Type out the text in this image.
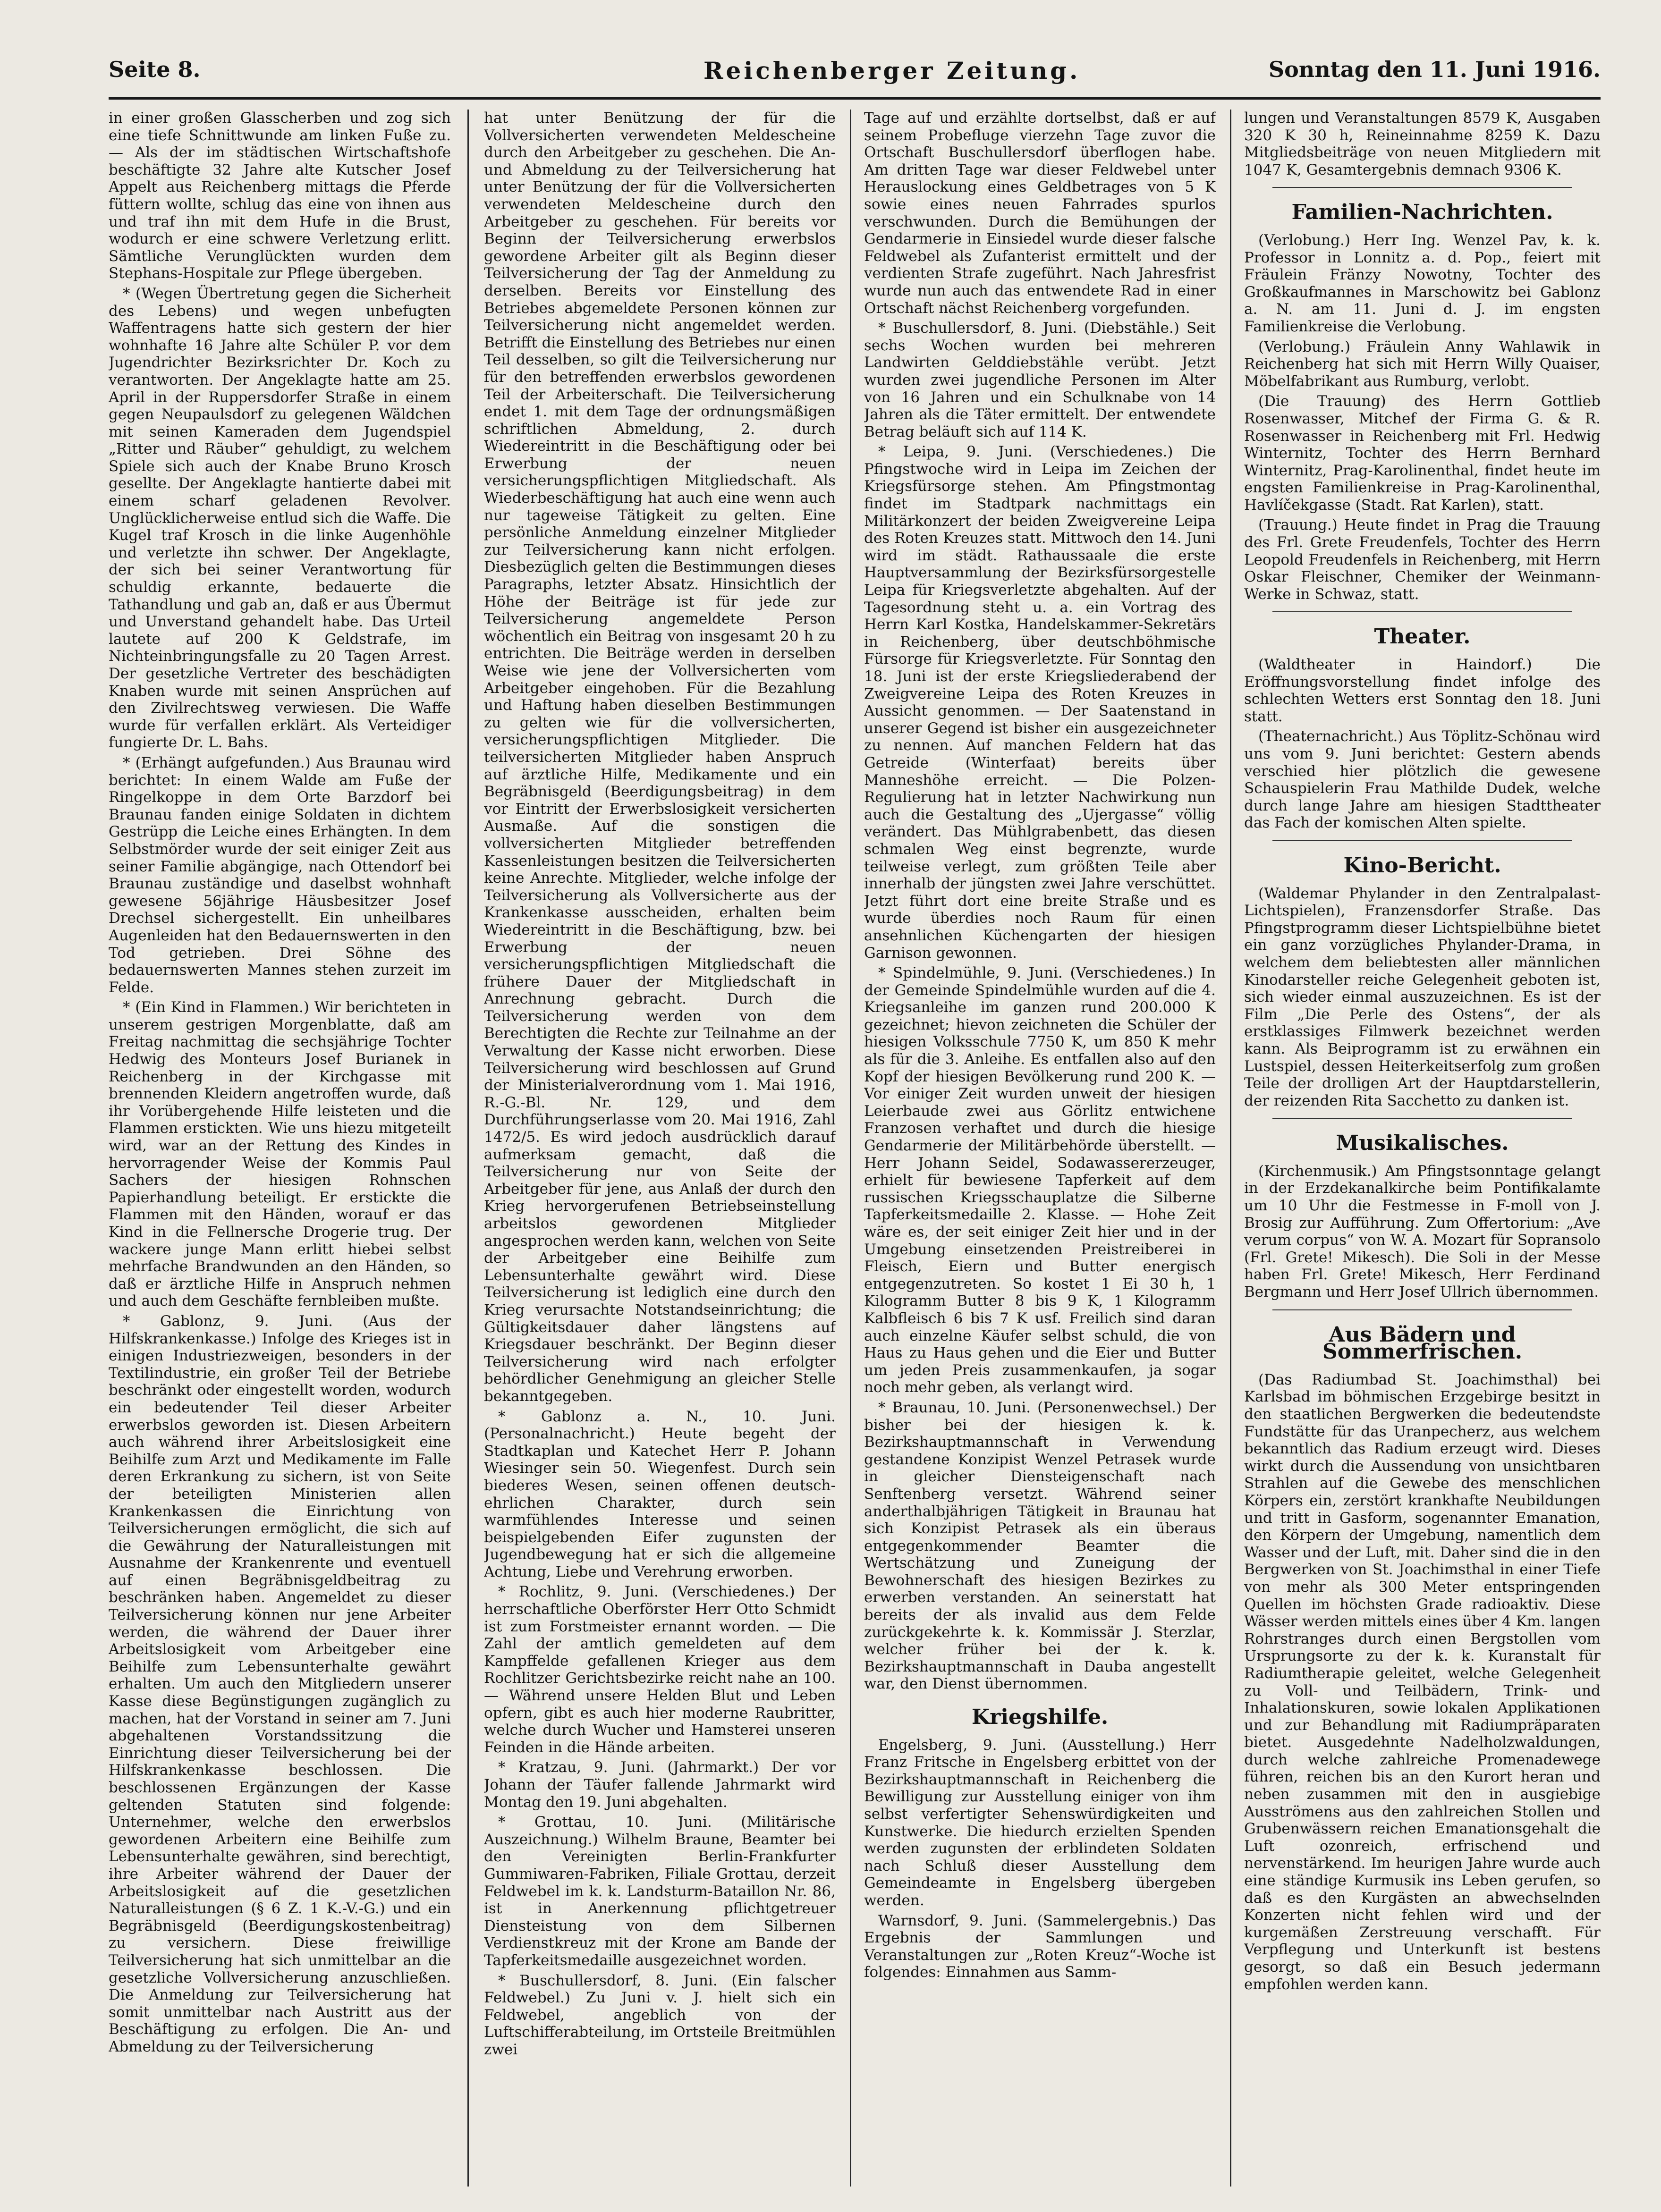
Seite 8.	Reichenberger Zeitung.	Sonntag den 11. Juni 1916.

in einer großen Glasscherben und zog sich eine tiefe Schnittwunde am linken Fuße zu. — Als der im städtischen Wirtschaftshofe beschäftigte 32 Jahre alte Kutscher Josef Appelt aus Reichenberg mittags die Pferde füttern wollte, schlug das eine von ihnen aus und traf ihn mit dem Hufe in die Brust, wodurch er eine schwere Verletzung erlitt. Sämtliche Verunglückten wurden dem Stephans-Hospitale zur Pflege übergeben.

* (Wegen Übertretung gegen die Sicherheit des Lebens) und wegen unbefugten Waffentragens hatte sich gestern der hier wohnhafte 16 Jahre alte Schüler P. vor dem Jugendrichter Bezirksrichter Dr. Koch zu verantworten. Der Angeklagte hatte am 25. April in der Ruppersdorfer Straße in einem gegen Neupaulsdorf zu gelegenen Wäldchen mit seinen Kameraden dem Jugendspiel „Ritter und Räuber“ gehuldigt, zu welchem Spiele sich auch der Knabe Bruno Krosch gesellte. Der Angeklagte hantierte dabei mit einem scharf geladenen Revolver. Unglücklicherweise entlud sich die Waffe. Die Kugel traf Krosch in die linke Augenhöhle und verletzte ihn schwer. Der Angeklagte, der sich bei seiner Verantwortung für schuldig erkannte, bedauerte die Tathandlung und gab an, daß er aus Übermut und Unverstand gehandelt habe. Das Urteil lautete auf 200 K Geldstrafe, im Nichteinbringungsfalle zu 20 Tagen Arrest. Der gesetzliche Vertreter des beschädigten Knaben wurde mit seinen Ansprüchen auf den Zivilrechtsweg verwiesen. Die Waffe wurde für verfallen erklärt. Als Verteidiger fungierte Dr. L. Bahs.

* (Erhängt aufgefunden.) Aus Braunau wird berichtet: In einem Walde am Fuße der Ringelkoppe in dem Orte Barzdorf bei Braunau fanden einige Soldaten in dichtem Gestrüpp die Leiche eines Erhängten. In dem Selbstmörder wurde der seit einiger Zeit aus seiner Familie abgängige, nach Ottendorf bei Braunau zuständige und daselbst wohnhaft gewesene 56jährige Häusbesitzer Josef Drechsel sichergestellt. Ein unheilbares Augenleiden hat den Bedauernswerten in den Tod getrieben. Drei Söhne des bedauernswerten Mannes stehen zurzeit im Felde.

* (Ein Kind in Flammen.) Wir berichteten in unserem gestrigen Morgenblatte, daß am Freitag nachmittag die sechsjährige Tochter Hedwig des Monteurs Josef Burianek in Reichenberg in der Kirchgasse mit brennenden Kleidern angetroffen wurde, daß ihr Vorübergehende Hilfe leisteten und die Flammen erstickten. Wie uns hiezu mitgeteilt wird, war an der Rettung des Kindes in hervorragender Weise der Kommis Paul Sachers der hiesigen Rohnschen Papierhandlung beteiligt. Er erstickte die Flammen mit den Händen, worauf er das Kind in die Fellnersche Drogerie trug. Der wackere junge Mann erlitt hiebei selbst mehrfache Brandwunden an den Händen, so daß er ärztliche Hilfe in Anspruch nehmen und auch dem Geschäfte fernbleiben mußte.

* Gablonz, 9. Juni. (Aus der Hilfskrankenkasse.) Infolge des Krieges ist in einigen Industriezweigen, besonders in der Textilindustrie, ein großer Teil der Betriebe beschränkt oder eingestellt worden, wodurch ein bedeutender Teil dieser Arbeiter erwerbslos geworden ist. Diesen Arbeitern auch während ihrer Arbeitslosigkeit eine Beihilfe zum Arzt und Medikamente im Falle deren Erkrankung zu sichern, ist von Seite der beteiligten Ministerien allen Krankenkassen die Einrichtung von Teilversicherungen ermöglicht, die sich auf die Gewährung der Naturalleistungen mit Ausnahme der Krankenrente und eventuell auf einen Begräbnisgeldbeitrag zu beschränken haben. Angemeldet zu dieser Teilversicherung können nur jene Arbeiter werden, die während der Dauer ihrer Arbeitslosigkeit vom Arbeitgeber eine Beihilfe zum Lebensunterhalte gewährt erhalten. Um auch den Mitgliedern unserer Kasse diese Begünstigungen zugänglich zu machen, hat der Vorstand in seiner am 7. Juni abgehaltenen Vorstandssitzung die Einrichtung dieser Teilversicherung bei der Hilfskrankenkasse beschlossen. Die beschlossenen Ergänzungen der Kasse geltenden Statuten sind folgende: Unternehmer, welche den erwerbslos gewordenen Arbeitern eine Beihilfe zum Lebensunterhalte gewähren, sind berechtigt, ihre Arbeiter während der Dauer der Arbeitslosigkeit auf die gesetzlichen Naturalleistungen (§ 6 Z. 1 K.-V.-G.) und ein Begräbnisgeld (Beerdigungskostenbeitrag) zu versichern. Diese freiwillige Teilversicherung hat sich unmittelbar an die gesetzliche Vollversicherung anzuschließen. Die Anmeldung zur Teilversicherung hat somit unmittelbar nach Austritt aus der Beschäftigung zu erfolgen. Die An- und Abmeldung zu der Teilversicherung

hat unter Benützung der für die Vollversicherten verwendeten Meldescheine durch den Arbeitgeber zu geschehen. Die An- und Abmeldung zu der Teilversicherung hat unter Benützung der für die Vollversicherten verwendeten Meldescheine durch den Arbeitgeber zu geschehen. Für bereits vor Beginn der Teilversicherung erwerbslos gewordene Arbeiter gilt als Beginn dieser Teilversicherung der Tag der Anmeldung zu derselben. Bereits vor Einstellung des Betriebes abgemeldete Personen können zur Teilversicherung nicht angemeldet werden. Betrifft die Einstellung des Betriebes nur einen Teil desselben, so gilt die Teilversicherung nur für den betreffenden erwerbslos gewordenen Teil der Arbeiterschaft. Die Teilversicherung endet 1. mit dem Tage der ordnungsmäßigen schriftlichen Abmeldung, 2. durch Wiedereintritt in die Beschäftigung oder bei Erwerbung der neuen versicherungspflichtigen Mitgliedschaft. Als Wiederbeschäftigung hat auch eine wenn auch nur tageweise Tätigkeit zu gelten. Eine persönliche Anmeldung einzelner Mitglieder zur Teilversicherung kann nicht erfolgen. Diesbezüglich gelten die Bestimmungen dieses Paragraphs, letzter Absatz. Hinsichtlich der Höhe der Beiträge ist für jede zur Teilversicherung angemeldete Person wöchentlich ein Beitrag von insgesamt 20 h zu entrichten. Die Beiträge werden in derselben Weise wie jene der Vollversicherten vom Arbeitgeber eingehoben. Für die Bezahlung und Haftung haben dieselben Bestimmungen zu gelten wie für die vollversicherten, versicherungspflichtigen Mitglieder. Die teilversicherten Mitglieder haben Anspruch auf ärztliche Hilfe, Medikamente und ein Begräbnisgeld (Beerdigungsbeitrag) in dem vor Eintritt der Erwerbslosigkeit versicherten Ausmaße. Auf die sonstigen die vollversicherten Mitglieder betreffenden Kassenleistungen besitzen die Teilversicherten keine Anrechte. Mitglieder, welche infolge der Teilversicherung als Vollversicherte aus der Krankenkasse ausscheiden, erhalten beim Wiedereintritt in die Beschäftigung, bzw. bei Erwerbung der neuen versicherungspflichtigen Mitgliedschaft die frühere Dauer der Mitgliedschaft in Anrechnung gebracht. Durch die Teilversicherung werden von dem Berechtigten die Rechte zur Teilnahme an der Verwaltung der Kasse nicht erworben. Diese Teilversicherung wird beschlossen auf Grund der Ministerialverordnung vom 1. Mai 1916, R.-G.-Bl. Nr. 129, und dem Durchführungserlasse vom 20. Mai 1916, Zahl 1472/5. Es wird jedoch ausdrücklich darauf aufmerksam gemacht, daß die Teilversicherung nur von Seite der Arbeitgeber für jene, aus Anlaß der durch den Krieg hervorgerufenen Betriebseinstellung arbeitslos gewordenen Mitglieder angesprochen werden kann, welchen von Seite der Arbeitgeber eine Beihilfe zum Lebensunterhalte gewährt wird. Diese Teilversicherung ist lediglich eine durch den Krieg verursachte Notstandseinrichtung; die Gültigkeitsdauer daher längstens auf Kriegsdauer beschränkt. Der Beginn dieser Teilversicherung wird nach erfolgter behördlicher Genehmigung an gleicher Stelle bekanntgegeben.

* Gablonz a. N., 10. Juni. (Personalnachricht.) Heute begeht der Stadtkaplan und Katechet Herr P. Johann Wiesinger sein 50. Wiegenfest. Durch sein biederes Wesen, seinen offenen deutsch-ehrlichen Charakter, durch sein warmfühlendes Interesse und seinen beispielgebenden Eifer zugunsten der Jugendbewegung hat er sich die allgemeine Achtung, Liebe und Verehrung erworben.

* Rochlitz, 9. Juni. (Verschiedenes.) Der herrschaftliche Oberförster Herr Otto Schmidt ist zum Forstmeister ernannt worden. — Die Zahl der amtlich gemeldeten auf dem Kampffelde gefallenen Krieger aus dem Rochlitzer Gerichtsbezirke reicht nahe an 100. — Während unsere Helden Blut und Leben opfern, gibt es auch hier moderne Raubritter, welche durch Wucher und Hamsterei unseren Feinden in die Hände arbeiten.

* Kratzau, 9. Juni. (Jahrmarkt.) Der vor Johann der Täufer fallende Jahrmarkt wird Montag den 19. Juni abgehalten.

* Grottau, 10. Juni. (Militärische Auszeichnung.) Wilhelm Braune, Beamter bei den Vereinigten Berlin-Frankfurter Gummiwaren-Fabriken, Filiale Grottau, derzeit Feldwebel im k. k. Landsturm-Bataillon Nr. 86, ist in Anerkennung pflichtgetreuer Diensteistung von dem Silbernen Verdienstkreuz mit der Krone am Bande der Tapferkeitsmedaille ausgezeichnet worden.

* Buschullersdorf, 8. Juni. (Ein falscher Feldwebel.) Zu Juni v. J. hielt sich ein Feldwebel, angeblich von der Luftschifferabteilung, im Ortsteile Breitmühlen zwei

Tage auf und erzählte dortselbst, daß er auf seinem Probefluge vierzehn Tage zuvor die Ortschaft Buschullersdorf überflogen habe. Am dritten Tage war dieser Feldwebel unter Herauslockung eines Geldbetrages von 5 K sowie eines neuen Fahrrades spurlos verschwunden. Durch die Bemühungen der Gendarmerie in Einsiedel wurde dieser falsche Feldwebel als Zufanterist ermittelt und der verdienten Strafe zugeführt. Nach Jahresfrist wurde nun auch das entwendete Rad in einer Ortschaft nächst Reichenberg vorgefunden.

* Buschullersdorf, 8. Juni. (Diebstähle.) Seit sechs Wochen wurden bei mehreren Landwirten Gelddiebstähle verübt. Jetzt wurden zwei jugendliche Personen im Alter von 16 Jahren und ein Schulknabe von 14 Jahren als die Täter ermittelt. Der entwendete Betrag beläuft sich auf 114 K.

* Leipa, 9. Juni. (Verschiedenes.) Die Pfingstwoche wird in Leipa im Zeichen der Kriegsfürsorge stehen. Am Pfingstmontag findet im Stadtpark nachmittags ein Militärkonzert der beiden Zweigvereine Leipa des Roten Kreuzes statt. Mittwoch den 14. Juni wird im städt. Rathaussaale die erste Hauptversammlung der Bezirksfürsorgestelle Leipa für Kriegsverletzte abgehalten. Auf der Tagesordnung steht u. a. ein Vortrag des Herrn Karl Kostka, Handelskammer-Sekretärs in Reichenberg, über deutschböhmische Fürsorge für Kriegsverletzte. Für Sonntag den 18. Juni ist der erste Kriegsliederabend der Zweigvereine Leipa des Roten Kreuzes in Aussicht genommen. — Der Saatenstand in unserer Gegend ist bisher ein ausgezeichneter zu nennen. Auf manchen Feldern hat das Getreide (Winterfaat) bereits über Manneshöhe erreicht. — Die Polzen-Regulierung hat in letzter Nachwirkung nun auch die Gestaltung des „Ujergasse“ völlig verändert. Das Mühlgrabenbett, das diesen schmalen Weg einst begrenzte, wurde teilweise verlegt, zum größten Teile aber innerhalb der jüngsten zwei Jahre verschüttet. Jetzt führt dort eine breite Straße und es wurde überdies noch Raum für einen ansehnlichen Küchengarten der hiesigen Garnison gewonnen.

* Spindelmühle, 9. Juni. (Verschiedenes.) In der Gemeinde Spindelmühle wurden auf die 4. Kriegsanleihe im ganzen rund 200.000 K gezeichnet; hievon zeichneten die Schüler der hiesigen Volksschule 7750 K, um 850 K mehr als für die 3. Anleihe. Es entfallen also auf den Kopf der hiesigen Bevölkerung rund 200 K. — Vor einiger Zeit wurden unweit der hiesigen Leierbaude zwei aus Görlitz entwichene Franzosen verhaftet und durch die hiesige Gendarmerie der Militärbehörde überstellt. — Herr Johann Seidel, Sodawassererzeuger, erhielt für bewiesene Tapferkeit auf dem russischen Kriegsschauplatze die Silberne Tapferkeitsmedaille 2. Klasse. — Hohe Zeit wäre es, der seit einiger Zeit hier und in der Umgebung einsetzenden Preistreiberei in Fleisch, Eiern und Butter energisch entgegenzutreten. So kostet 1 Ei 30 h, 1 Kilogramm Butter 8 bis 9 K, 1 Kilogramm Kalbfleisch 6 bis 7 K usf. Freilich sind daran auch einzelne Käufer selbst schuld, die von Haus zu Haus gehen und die Eier und Butter um jeden Preis zusammenkaufen, ja sogar noch mehr geben, als verlangt wird.

* Braunau, 10. Juni. (Personenwechsel.) Der bisher bei der hiesigen k. k. Bezirkshauptmannschaft in Verwendung gestandene Konzipist Wenzel Petrasek wurde in gleicher Diensteigenschaft nach Senftenberg versetzt. Während seiner anderthalbjährigen Tätigkeit in Braunau hat sich Konzipist Petrasek als ein überaus entgegenkommender Beamter die Wertschätzung und Zuneigung der Bewohnerschaft des hiesigen Bezirkes zu erwerben verstanden. An seinerstatt hat bereits der als invalid aus dem Felde zurückgekehrte k. k. Kommissär J. Sterzlar, welcher früher bei der k. k. Bezirkshauptmannschaft in Dauba angestellt war, den Dienst übernommen.

Kriegshilfe.

Engelsberg, 9. Juni. (Ausstellung.) Herr Franz Fritsche in Engelsberg erbittet von der Bezirkshauptmannschaft in Reichenberg die Bewilligung zur Ausstellung einiger von ihm selbst verfertigter Sehenswürdigkeiten und Kunstwerke. Die hiedurch erzielten Spenden werden zugunsten der erblindeten Soldaten nach Schluß dieser Ausstellung dem Gemeindeamte in Engelsberg übergeben werden.

Warnsdorf, 9. Juni. (Sammelergebnis.) Das Ergebnis der Sammlungen und Veranstaltungen zur „Roten Kreuz“-Woche ist folgendes: Einnahmen aus Samm-

lungen und Veranstaltungen 8579 K, Ausgaben 320 K 30 h, Reineinnahme 8259 K. Dazu Mitgliedsbeiträge von neuen Mitgliedern mit 1047 K, Gesamtergebnis demnach 9306 K.

Familien-Nachrichten.

(Verlobung.) Herr Ing. Wenzel Pav, k. k. Professor in Lonnitz a. d. Pop., feiert mit Fräulein Fränzy Nowotny, Tochter des Großkaufmannes in Marschowitz bei Gablonz a. N. am 11. Juni d. J. im engsten Familienkreise die Verlobung.

(Verlobung.) Fräulein Anny Wahlawik in Reichenberg hat sich mit Herrn Willy Quaiser, Möbelfabrikant aus Rumburg, verlobt.

(Die Trauung) des Herrn Gottlieb Rosenwasser, Mitchef der Firma G. & R. Rosenwasser in Reichenberg mit Frl. Hedwig Winternitz, Tochter des Herrn Bernhard Winternitz, Prag-Karolinenthal, findet heute im engsten Familienkreise in Prag-Karolinenthal, Havlíčekgasse (Stadt. Rat Karlen), statt.

(Trauung.) Heute findet in Prag die Trauung des Frl. Grete Freudenfels, Tochter des Herrn Leopold Freudenfels in Reichenberg, mit Herrn Oskar Fleischner, Chemiker der Weinmann-Werke in Schwaz, statt.

Theater.

(Waldtheater in Haindorf.) Die Eröffnungsvorstellung findet infolge des schlechten Wetters erst Sonntag den 18. Juni statt.

(Theaternachricht.) Aus Töplitz-Schönau wird uns vom 9. Juni berichtet: Gestern abends verschied hier plötzlich die gewesene Schauspielerin Frau Mathilde Dudek, welche durch lange Jahre am hiesigen Stadttheater das Fach der komischen Alten spielte.

Kino-Bericht.

(Waldemar Phylander in den Zentralpalast-Lichtspielen), Franzensdorfer Straße. Das Pfingstprogramm dieser Lichtspielbühne bietet ein ganz vorzügliches Phylander-Drama, in welchem dem beliebtesten aller männlichen Kinodarsteller reiche Gelegenheit geboten ist, sich wieder einmal auszuzeichnen. Es ist der Film „Die Perle des Ostens“, der als erstklassiges Filmwerk bezeichnet werden kann. Als Beiprogramm ist zu erwähnen ein Lustspiel, dessen Heiterkeitserfolg zum großen Teile der drolligen Art der Hauptdarstellerin, der reizenden Rita Sacchetto zu danken ist.

Musikalisches.

(Kirchenmusik.) Am Pfingstsonntage gelangt in der Erzdekanalkirche beim Pontifikalamte um 10 Uhr die Festmesse in F-moll von J. Brosig zur Aufführung. Zum Offertorium: „Ave verum corpus“ von W. A. Mozart für Sopransolo (Frl. Grete! Mikesch). Die Soli in der Messe haben Frl. Grete! Mikesch, Herr Ferdinand Bergmann und Herr Josef Ullrich übernommen.

Aus Bädern und Sommerfrischen.

(Das Radiumbad St. Joachimsthal) bei Karlsbad im böhmischen Erzgebirge besitzt in den staatlichen Bergwerken die bedeutendste Fundstätte für das Uranpecherz, aus welchem bekanntlich das Radium erzeugt wird. Dieses wirkt durch die Aussendung von unsichtbaren Strahlen auf die Gewebe des menschlichen Körpers ein, zerstört krankhafte Neubildungen und tritt in Gasform, sogenannter Emanation, den Körpern der Umgebung, namentlich dem Wasser und der Luft, mit. Daher sind die in den Bergwerken von St. Joachimsthal in einer Tiefe von mehr als 300 Meter entspringenden Quellen im höchsten Grade radioaktiv. Diese Wässer werden mittels eines über 4 Km. langen Rohrstranges durch einen Bergstollen vom Ursprungsorte zu der k. k. Kuranstalt für Radiumtherapie geleitet, welche Gelegenheit zu Voll- und Teilbädern, Trink- und Inhalationskuren, sowie lokalen Applikationen und zur Behandlung mit Radiumpräparaten bietet. Ausgedehnte Nadelholzwaldungen, durch welche zahlreiche Promenadewege führen, reichen bis an den Kurort heran und neben zusammen mit den in ausgiebige Ausströmens aus den zahlreichen Stollen und Grubenwässern reichen Emanationsgehalt die Luft ozonreich, erfrischend und nervenstärkend. Im heurigen Jahre wurde auch eine ständige Kurmusik ins Leben gerufen, so daß es den Kurgästen an abwechselnden Konzerten nicht fehlen wird und der kurgemäßen Zerstreuung verschafft. Für Verpflegung und Unterkunft ist bestens gesorgt, so daß ein Besuch jedermann empfohlen werden kann.
